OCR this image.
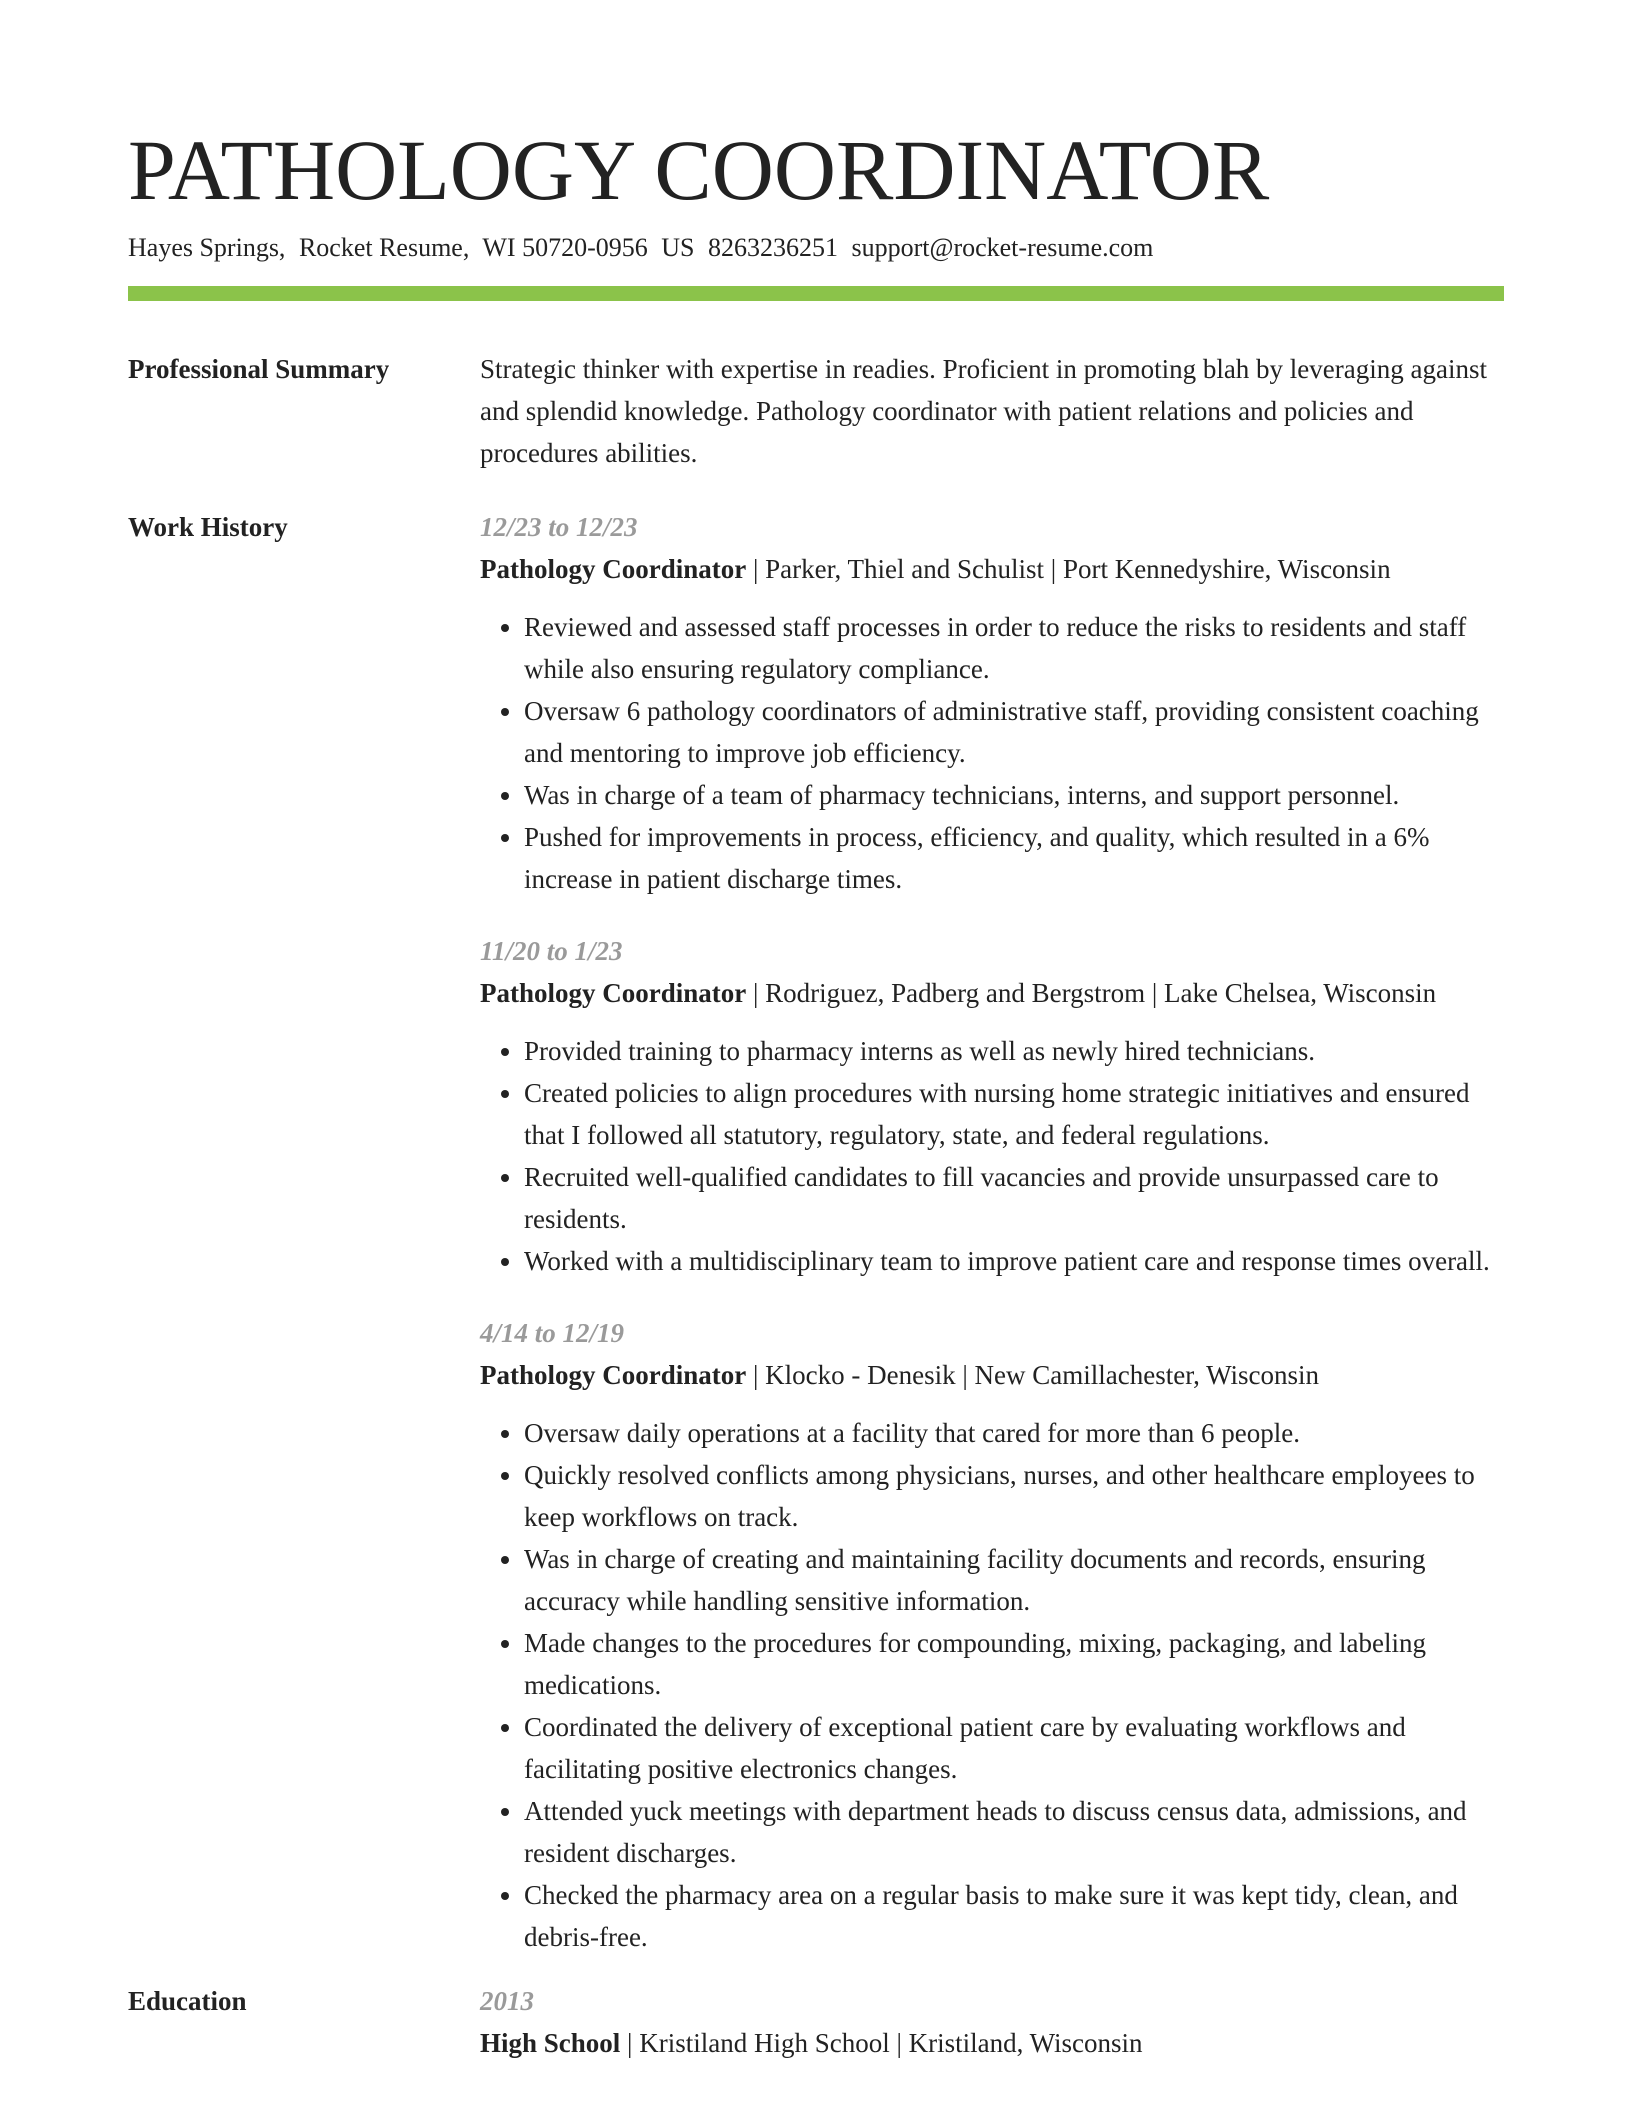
PATHOLOGY COORDINATOR
Hayes Springs, Rocket Resume, WI 50720-0956 US 8263236251 support@rocket-resume.com
Professional Summary	Strategic thinker with expertise in readies. Proficient in promoting blah by leveraging against and splendid knowledge. Pathology coordinator with patient relations and policies and procedures abilities.

Work History	12/23 to 12/23

Pathology Coordinator | Parker, Thiel and Schulist | Port Kennedyshire, Wisconsin

• Reviewed and assessed staff processes in order to reduce the risks to residents and staff while also ensuring regulatory compliance.
• Oversaw 6 pathology coordinators of administrative staff, providing consistent coaching and mentoring to improve job efficiency.
• Was in charge of a team of pharmacy technicians, interns, and support personnel.
• Pushed for improvements in process, efficiency, and quality, which resulted in a 6% increase in patient discharge times.

11/20 to 1/23

Pathology Coordinator | Rodriguez, Padberg and Bergstrom | Lake Chelsea, Wisconsin

• Provided training to pharmacy interns as well as newly hired technicians.
• Created policies to align procedures with nursing home strategic initiatives and ensured that I followed all statutory, regulatory, state, and federal regulations.
• Recruited well-qualified candidates to fill vacancies and provide unsurpassed care to residents.
• Worked with a multidisciplinary team to improve patient care and response times overall.

4/14 to 12/19

Pathology Coordinator | Klocko - Denesik | New Camillachester, Wisconsin

• Oversaw daily operations at a facility that cared for more than 6 people.
• Quickly resolved conflicts among physicians, nurses, and other healthcare employees to keep workflows on track.
• Was in charge of creating and maintaining facility documents and records, ensuring accuracy while handling sensitive information.
• Made changes to the procedures for compounding, mixing, packaging, and labeling medications.
• Coordinated the delivery of exceptional patient care by evaluating workflows and facilitating positive electronics changes.
• Attended yuck meetings with department heads to discuss census data, admissions, and resident discharges.
• Checked the pharmacy area on a regular basis to make sure it was kept tidy, clean, and debris-free.
Education	2013

High School | Kristiland High School | Kristiland, Wisconsin
